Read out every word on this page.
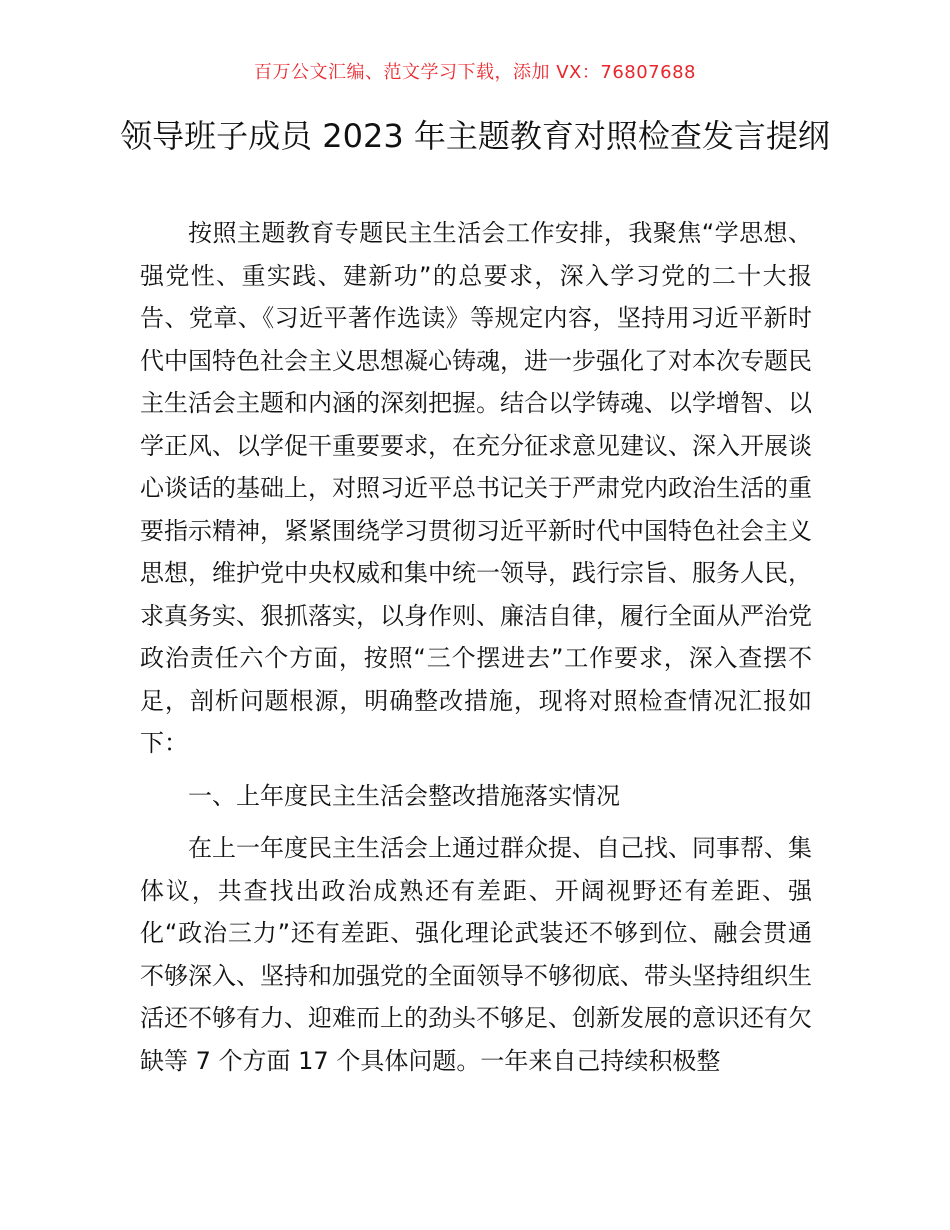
百万公文汇编、范文学习下载，添加 VX：76807688
领导班子成员 2023 年主题教育对照检查发言提纲

按照主题教育专题民主生活会工作安排，我聚焦“学思想、强党性、重实践、建新功”的总要求，深入学习党的二十大报告、党章、《习近平著作选读》等规定内容，坚持用习近平新时代中国特色社会主义思想凝心铸魂，进一步强化了对本次专题民主生活会主题和内涵的深刻把握。结合以学铸魂、以学增智、以学正风、以学促干重要要求，在充分征求意见建议、深入开展谈心谈话的基础上，对照习近平总书记关于严肃党内政治生活的重要指示精神，紧紧围绕学习贯彻习近平新时代中国特色社会主义思想，维护党中央权威和集中统一领导，践行宗旨、服务人民，求真务实、狠抓落实，以身作则、廉洁自律，履行全面从严治党政治责任六个方面，按照“三个摆进去”工作要求，深入查摆不足，剖析问题根源，明确整改措施，现将对照检查情况汇报如下：

一、上年度民主生活会整改措施落实情况

在上一年度民主生活会上通过群众提、自己找、同事帮、集体议，共查找出政治成熟还有差距、开阔视野还有差距、强化“政治三力”还有差距、强化理论武装还不够到位、融会贯通不够深入、坚持和加强党的全面领导不够彻底、带头坚持组织生活还不够有力、迎难而上的劲头不够足、创新发展的意识还有欠缺等 7 个方面 17 个具体问题。一年来自己持续积极整
